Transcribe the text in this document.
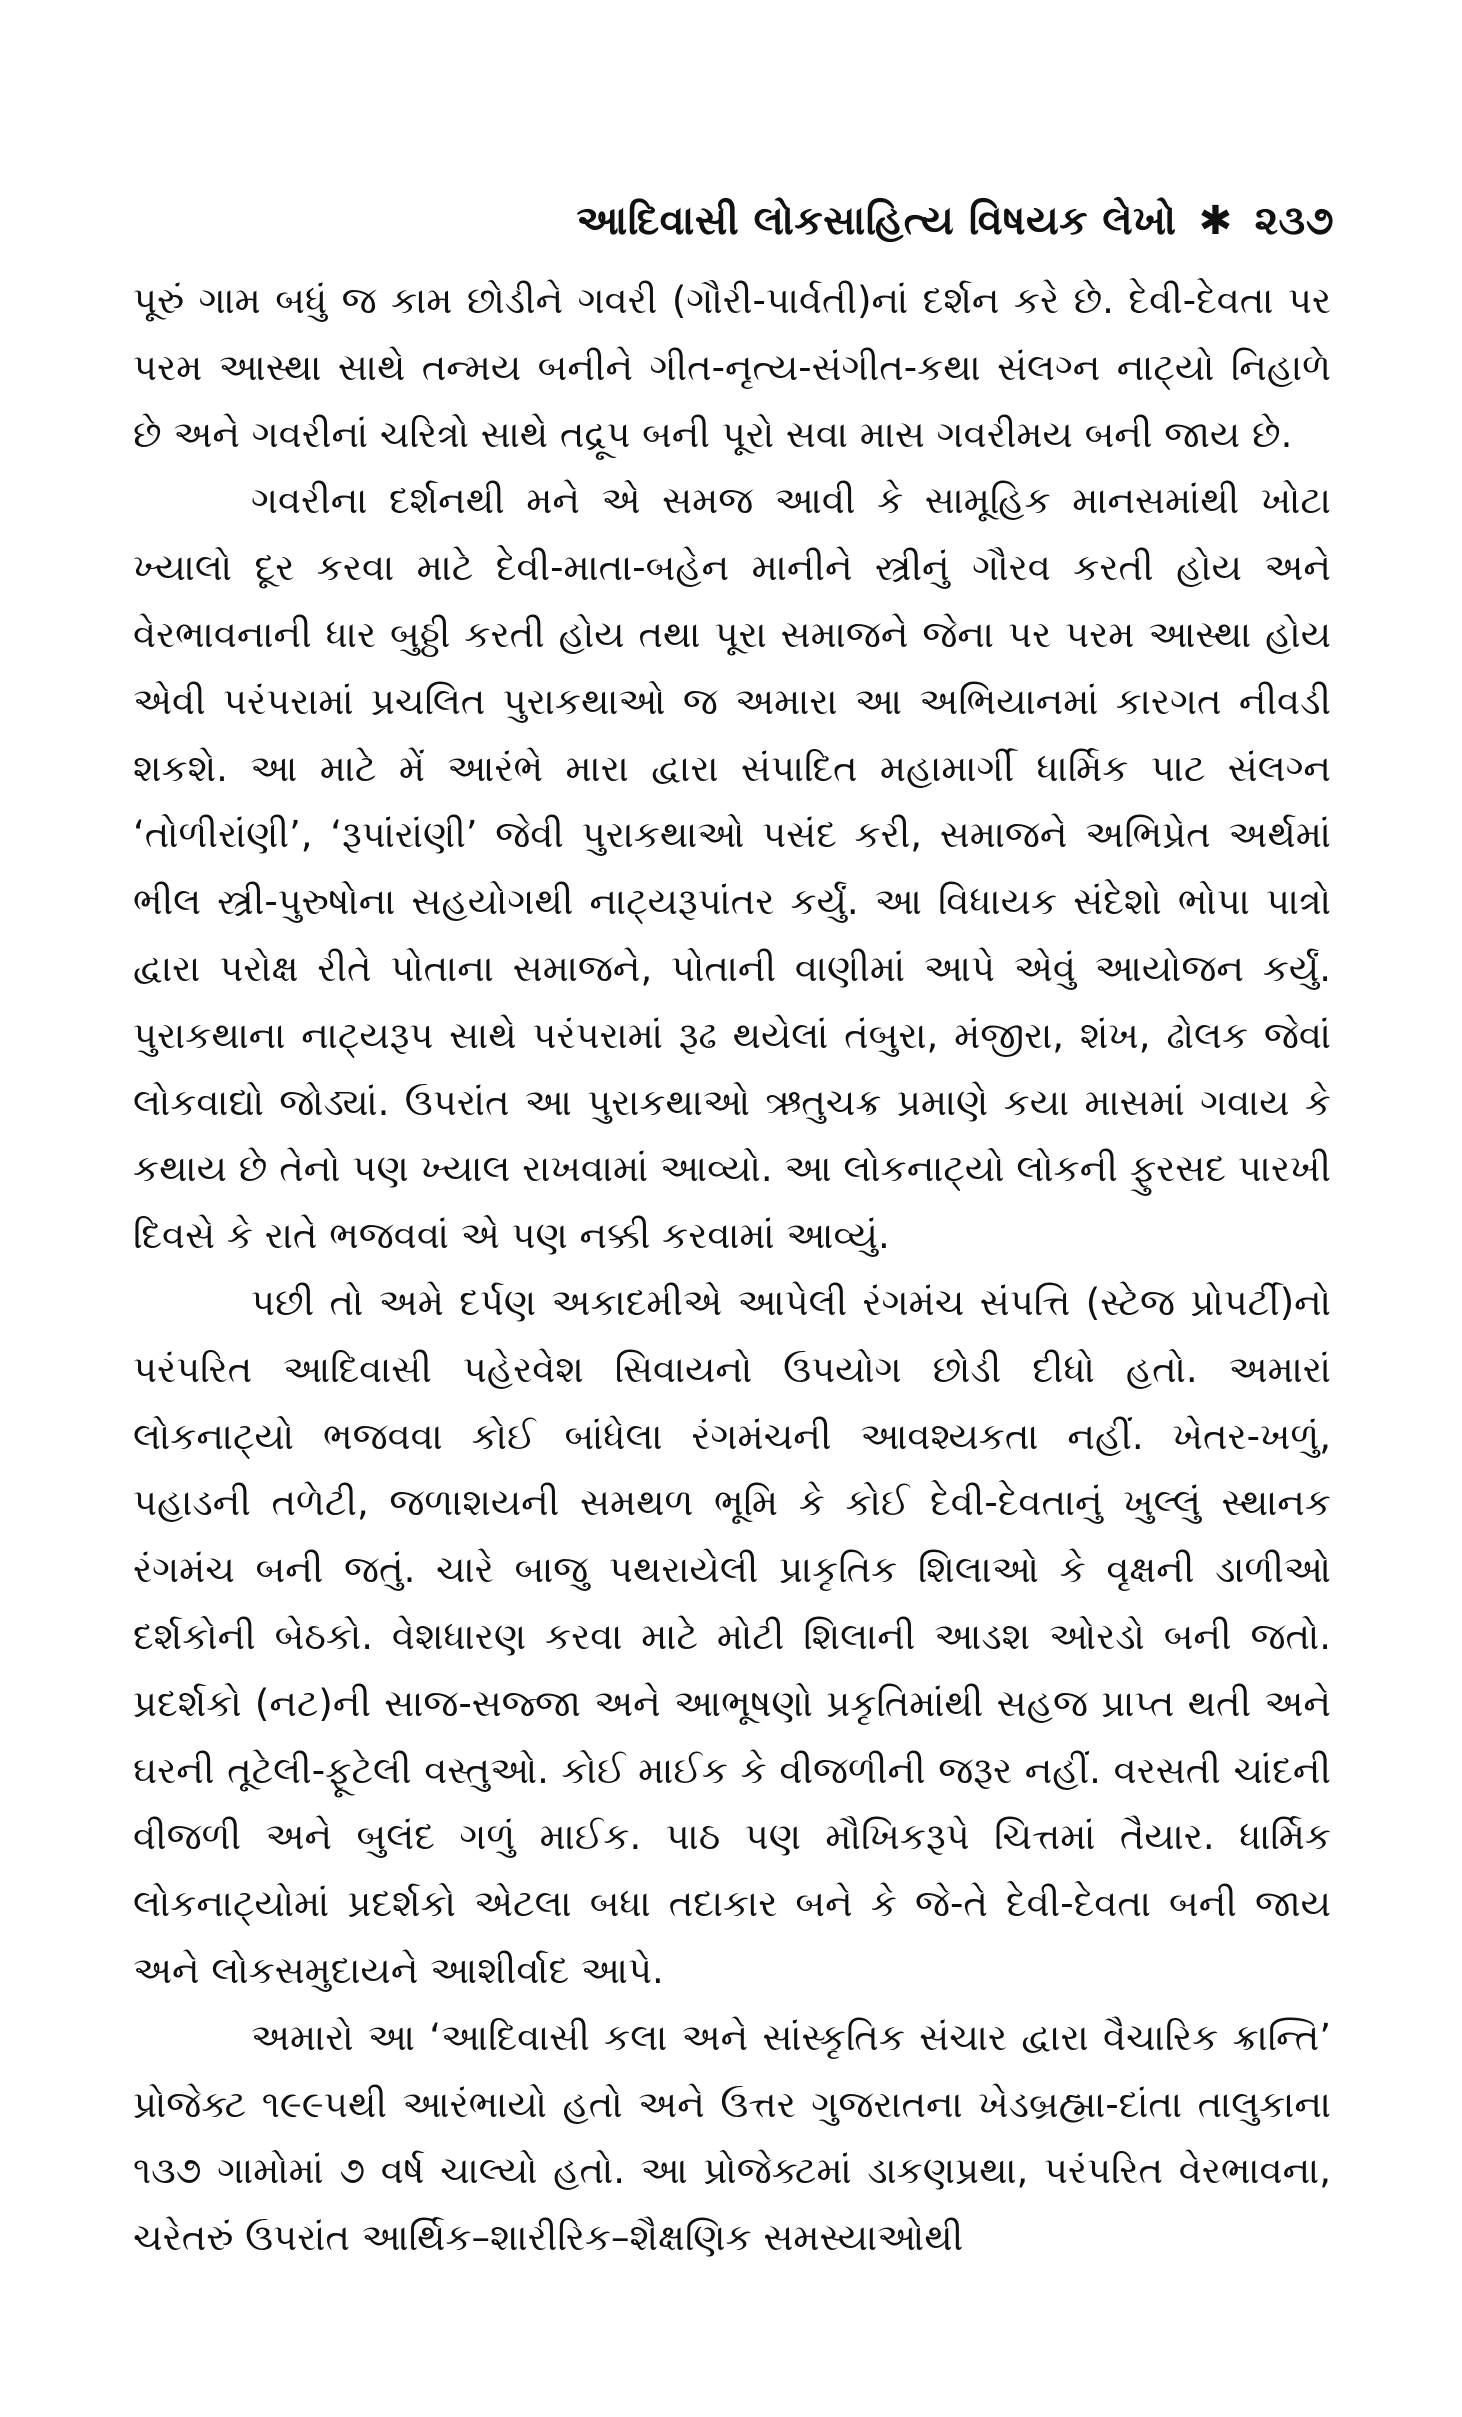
આદિવાસી લોકસાહિત્ય વિષયક લેખો ✱ ૨૩૭

પૂરું ગામ બધું જ કામ છોડીને ગવરી (ગૌરી-પાર્વતી)નાં દર્શન કરે છે. દેવી-દેવતા પર પરમ આસ્થા સાથે તન્મય બનીને ગીત-નૃત્ય-સંગીત-કથા સંલગ્ન નાટ્યો નિહાળે છે અને ગવરીનાં ચરિત્રો સાથે તદ્રૂપ બની પૂરો સવા માસ ગવરીમય બની જાય છે.

ગવરીના દર્શનથી મને એ સમજ આવી કે સામૂહિક માનસમાંથી ખોટા ખ્યાલો દૂર કરવા માટે દેવી-માતા-બહેન માનીને સ્ત્રીનું ગૌરવ કરતી હોય અને વેરભાવનાની ધાર બુઠ્ઠી કરતી હોય તથા પૂરા સમાજને જેના પર પરમ આસ્થા હોય એવી પરંપરામાં પ્રચલિત પુરાકથાઓ જ અમારા આ અભિયાનમાં કારગત નીવડી શકશે. આ માટે મેં આરંભે મારા દ્વારા સંપાદિત મહામાર્ગી ધાર્મિક પાટ સંલગ્ન ‘તોળીરાંણી’, ‘રૂપાંરાંણી’ જેવી પુરાકથાઓ પસંદ કરી, સમાજને અભિપ્રેત અર્થમાં ભીલ સ્ત્રી-પુરુષોના સહયોગથી નાટ્યરૂપાંતર કર્યું. આ વિધાયક સંદેશો ભોપા પાત્રો દ્વારા પરોક્ષ રીતે પોતાના સમાજને, પોતાની વાણીમાં આપે એવું આયોજન કર્યું. પુરાકથાના નાટ્યરૂપ સાથે પરંપરામાં રૂઢ થયેલાં તંબુરા, મંજીરા, શંખ, ઢોલક જેવાં લોકવાદ્યો જોડ્યાં. ઉપરાંત આ પુરાકથાઓ ઋતુચક્ર પ્રમાણે કયા માસમાં ગવાય કે કથાય છે તેનો પણ ખ્યાલ રાખવામાં આવ્યો. આ લોકનાટ્યો લોકની ફુરસદ પારખી દિવસે કે રાતે ભજવવાં એ પણ નક્કી કરવામાં આવ્યું.

પછી તો અમે દર્પણ અકાદમીએ આપેલી રંગમંચ સંપત્તિ (સ્ટેજ પ્રોપર્ટી)નો પરંપરિત આદિવાસી પહેરવેશ સિવાયનો ઉપયોગ છોડી દીધો હતો. અમારાં લોકનાટ્યો ભજવવા કોઈ બાંધેલા રંગમંચની આવશ્યકતા નહીં. ખેતર-ખળું, પહાડની તળેટી, જળાશયની સમથળ ભૂમિ કે કોઈ દેવી-દેવતાનું ખુલ્લું સ્થાનક રંગમંચ બની જતું. ચારે બાજુ પથરાયેલી પ્રાકૃતિક શિલાઓ કે વૃક્ષની ડાળીઓ દર્શકોની બેઠકો. વેશધારણ કરવા માટે મોટી શિલાની આડશ ઓરડો બની જતો. પ્રદર્શકો (નટ)ની સાજ-સજ્જા અને આભૂષણો પ્રકૃતિમાંથી સહજ પ્રાપ્ત થતી અને ઘરની તૂટેલી-ફૂટેલી વસ્તુઓ. કોઈ માઈક કે વીજળીની જરૂર નહીં. વરસતી ચાંદની વીજળી અને બુલંદ ગળું માઈક. પાઠ પણ મૌખિકરૂપે ચિત્તમાં તૈયાર. ધાર્મિક લોકનાટ્યોમાં પ્રદર્શકો એટલા બધા તદાકાર બને કે જે-તે દેવી-દેવતા બની જાય અને લોકસમુદાયને આશીર્વાદ આપે.

અમારો આ ‘આદિવાસી કલા અને સાંસ્કૃતિક સંચાર દ્વારા વૈચારિક ક્રાન્તિ’ પ્રોજેક્ટ ૧૯૯૫થી આરંભાયો હતો અને ઉત્તર ગુજરાતના ખેડબ્રહ્મા-દાંતા તાલુકાના ૧૩૭ ગામોમાં ૭ વર્ષ ચાલ્યો હતો. આ પ્રોજેક્ટમાં ડાકણપ્રથા, પરંપરિત વેરભાવના, ચરેતરું ઉપરાંત આર્થિક–શારીરિક–શૈક્ષણિક સમસ્યાઓથી
